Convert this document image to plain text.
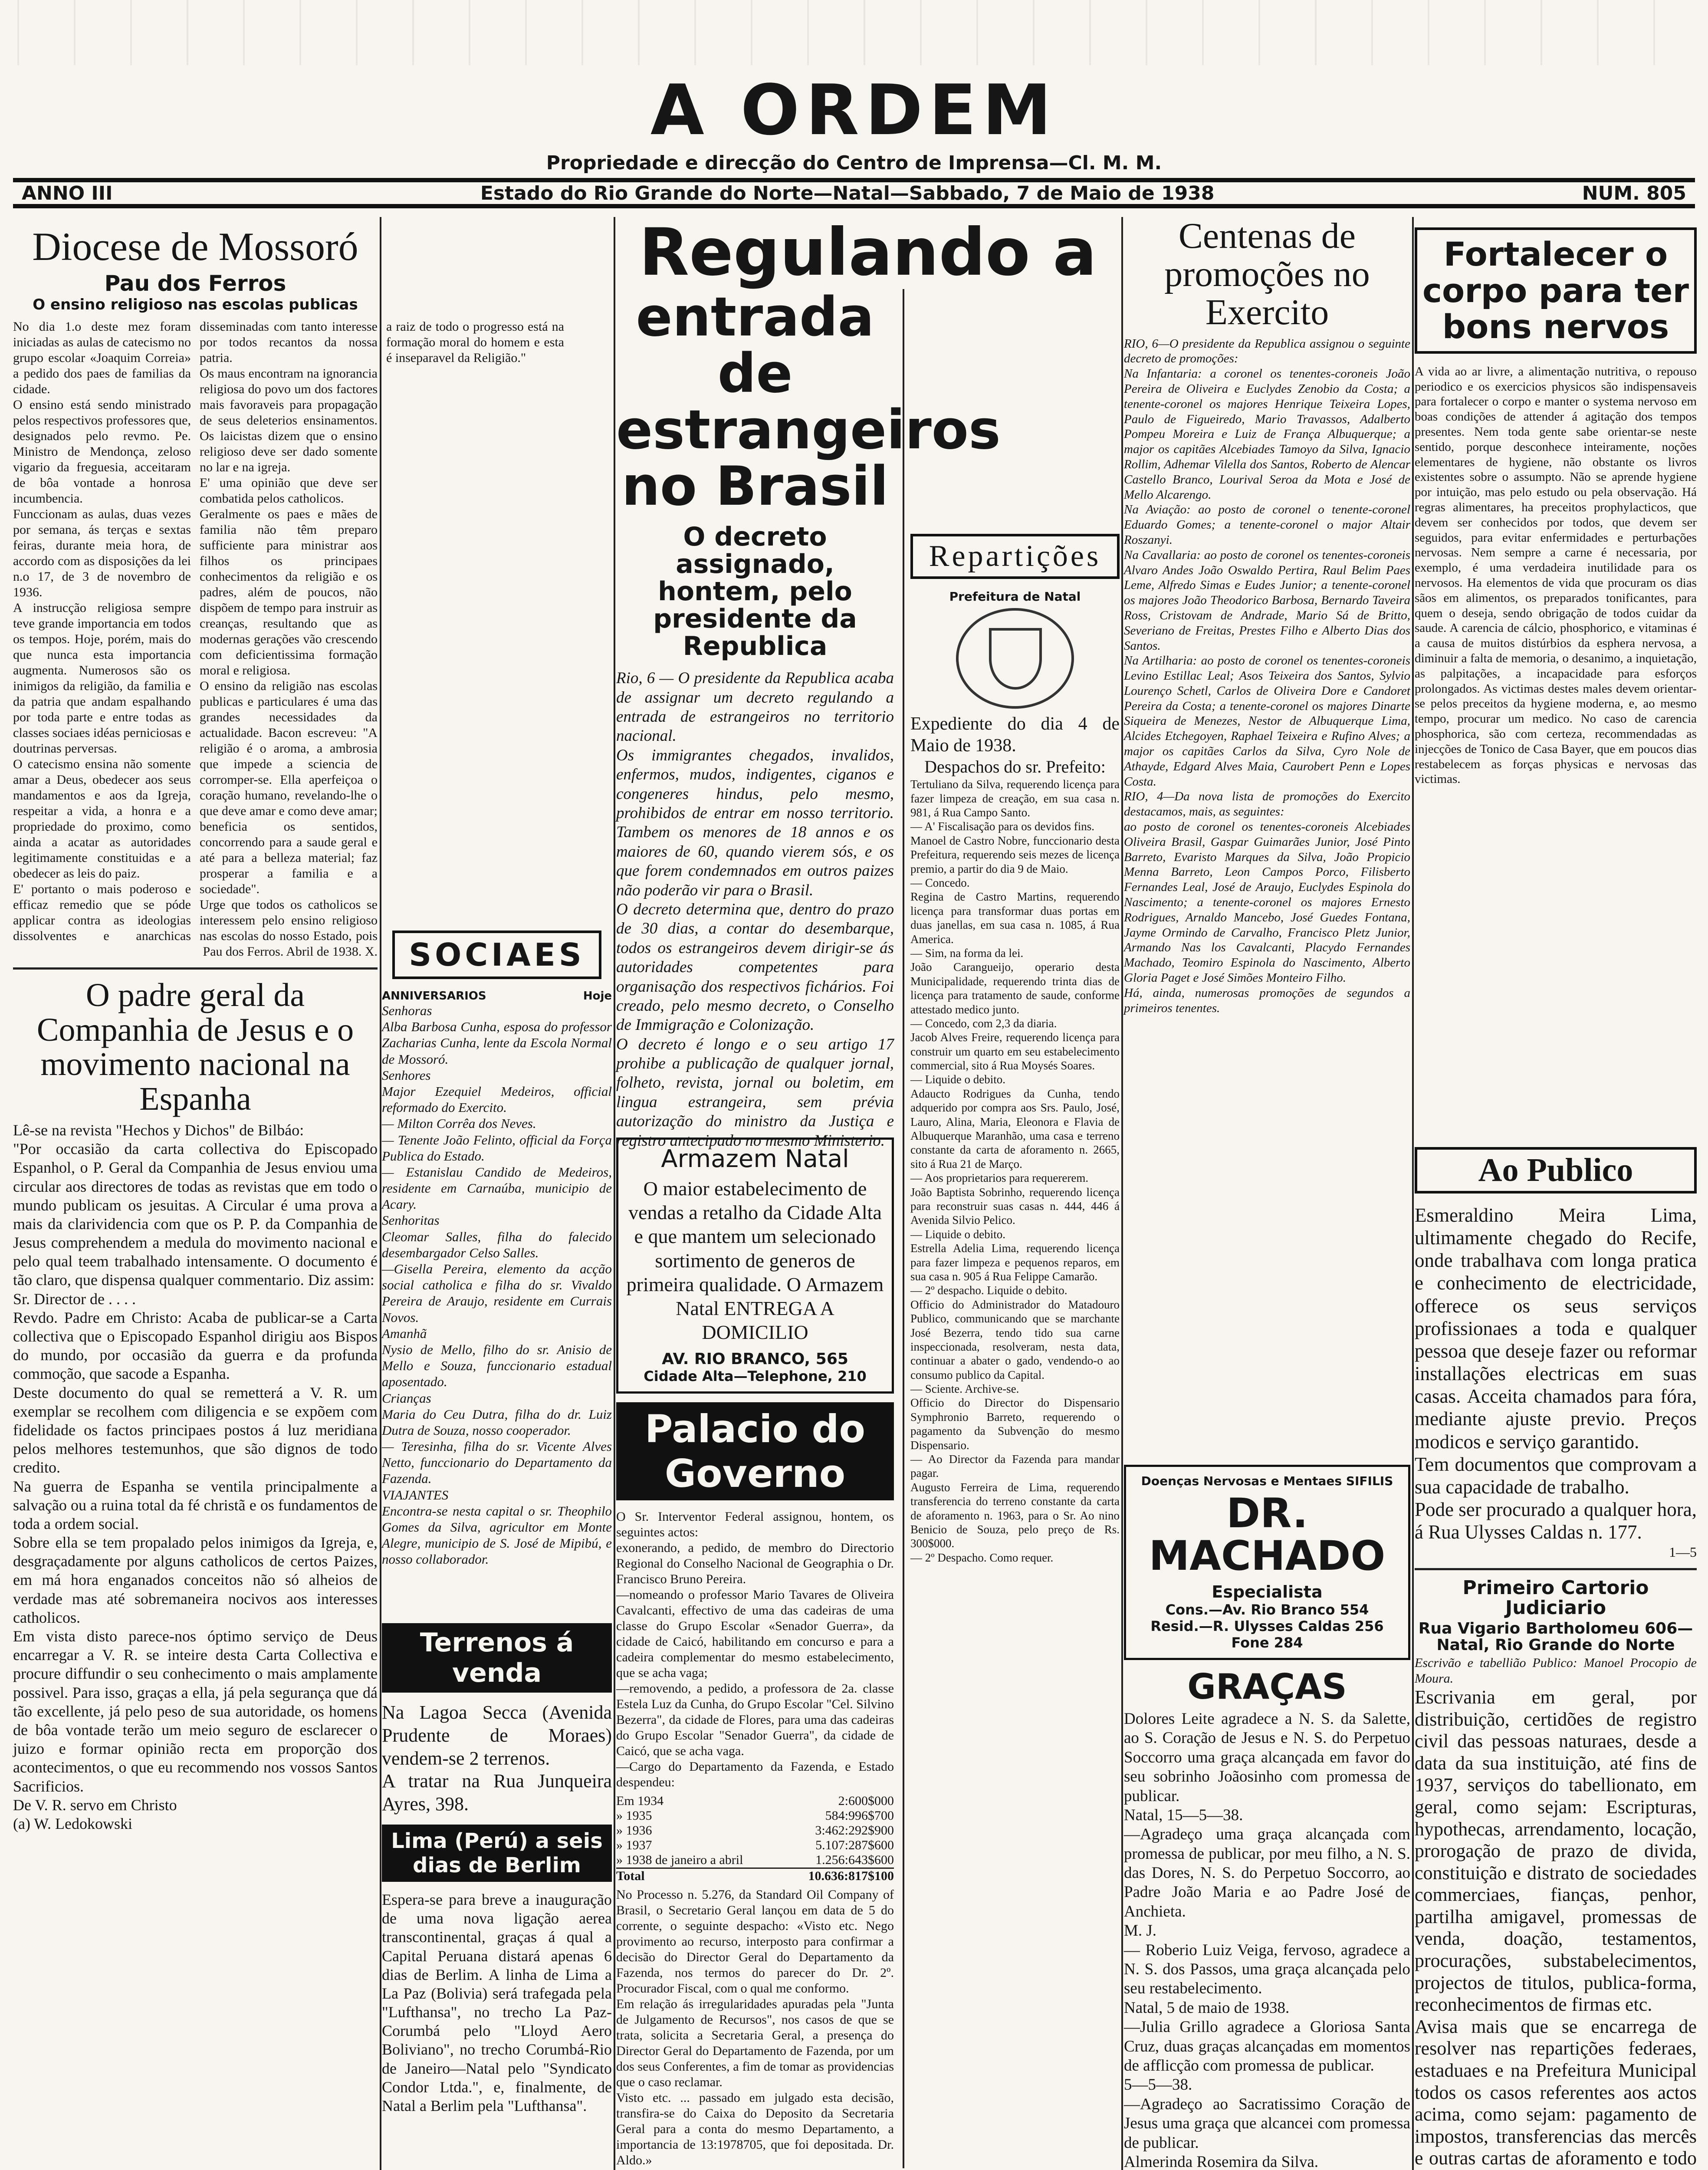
A ORDEM
Propriedade e direcção do Centro de Imprensa—Cl. M. M.
ANNO III	Estado do Rio Grande do Norte—Natal—Sabbado, 7 de Maio de 1938	NUM. 805
Diocese de Mossoró
Pau dos Ferros
O ensino religioso nas escolas publicas

No dia 1.o deste mez foram iniciadas as aulas de catecismo no grupo escolar «Joaquim Correia» a pedido dos paes de familias da cidade.
O ensino está sendo ministrado pelos respectivos professores que, designados pelo revmo. Pe. Ministro de Mendonça, zeloso vigario da freguesia, acceitaram de bôa vontade a honrosa incumbencia.
Funccionam as aulas, duas vezes por semana, ás terças e sextas feiras, durante meia hora, de accordo com as disposições da lei n.o 17, de 3 de novembro de 1936.
A instrucção religiosa sempre teve grande importancia em todos os tempos. Hoje, porém, mais do que nunca esta importancia augmenta. Numerosos são os inimigos da religião, da familia e da patria que andam espalhando por toda parte e entre todas as classes sociaes idéas perniciosas e doutrinas perversas.
O catecismo ensina não somente amar a Deus, obedecer aos seus mandamentos e aos da Igreja, respeitar a vida, a honra e a propriedade do proximo, como ainda a acatar as autoridades legitimamente constituidas e a obedecer as leis do paiz.
E' portanto o mais poderoso e efficaz remedio que se póde applicar contra as ideologias dissolventes e anarchicas disseminadas com tanto interesse por todos recantos da nossa patria.
Os maus encontram na ignorancia religiosa do povo um dos factores mais favoraveis para propagação de seus deleterios ensinamentos. Os laicistas dizem que o ensino religioso deve ser dado somente no lar e na igreja.
E' uma opinião que deve ser combatida pelos catholicos.
Geralmente os paes e mães de familia não têm preparo sufficiente para ministrar aos filhos os principaes conhecimentos da religião e os padres, além de poucos, não dispõem de tempo para instruir as creanças, resultando que as modernas gerações vão crescendo com deficientissima formação moral e religiosa.
O ensino da religião nas escolas publicas e particulares é uma das grandes necessidades da actualidade. Bacon escreveu: "A religião é o aroma, a ambrosia que impede a sciencia de corromper-se. Ella aperfeiçoa o coração humano, revelando-lhe o que deve amar e como deve amar; beneficia os sentidos, concorrendo para a saude geral e até para a belleza material; faz prosperar a familia e a sociedade".
Urge que todos os catholicos se interessem pelo ensino religioso nas escolas do nosso Estado, pois a raiz de todo o progresso está na formação moral do homem e esta é inseparavel da Religião."

Pau dos Ferros. Abril de 1938. X.

O padre geral da Companhia de Jesus e o movimento nacional na Espanha

Lê-se na revista "Hechos y Dichos" de Bilbáo:
"Por occasião da carta collectiva do Episcopado Espanhol, o P. Geral da Companhia de Jesus enviou uma circular aos directores de todas as revistas que em todo o mundo publicam os jesuitas. A Circular é uma prova a mais da clarividencia com que os P. P. da Companhia de Jesus comprehendem a medula do movimento nacional e pelo qual teem trabalhado intensamente. O documento é tão claro, que dispensa qualquer commentario. Diz assim:
Sr. Director de . . . .
Revdo. Padre em Christo: Acaba de publicar-se a Carta collectiva que o Episcopado Espanhol dirigiu aos Bispos do mundo, por occasião da guerra e da profunda commoção, que sacode a Espanha.
Deste documento do qual se remetterá a V. R. um exemplar se recolhem com diligencia e se expõem com fidelidade os factos principaes postos á luz meridiana pelos melhores testemunhos, que são dignos de todo credito.
Na guerra de Espanha se ventila principalmente a salvação ou a ruina total da fé christã e os fundamentos de toda a ordem social.
Sobre ella se tem propalado pelos inimigos da Igreja, e, desgraçadamente por alguns catholicos de certos Paizes, em má hora enganados conceitos não só alheios de verdade mas até sobremaneira nocivos aos interesses catholicos.
Em vista disto parece-nos óptimo serviço de Deus encarregar a V. R. se inteire desta Carta Collectiva e procure diffundir o seu conhecimento o mais amplamente possivel. Para isso, graças a ella, já pela segurança que dá tão excellente, já pelo peso de sua autoridade, os homens de bôa vontade terão um meio seguro de esclarecer o juizo e formar opinião recta em proporção dos acontecimentos, o que eu recommendo nos vossos Santos Sacrificios.
De V. R. servo em Christo
(a) W. Ledokowski

SOCIAES
ANNIVERSARIOS	Hoje

Senhoras
Alba Barbosa Cunha, esposa do professor Zacharias Cunha, lente da Escola Normal de Mossoró.
Senhores
Major Ezequiel Medeiros, official reformado do Exercito.
— Milton Corrêa dos Neves.
— Tenente João Felinto, official da Força Publica do Estado.
— Estanislau Candido de Medeiros, residente em Carnaúba, municipio de Acary.
Senhoritas
Cleomar Salles, filha do falecido desembargador Celso Salles.
—Gisella Pereira, elemento da acção social catholica e filha do sr. Vivaldo Pereira de Araujo, residente em Currais Novos.
Amanhã
Nysio de Mello, filho do sr. Anisio de Mello e Souza, funccionario estadual aposentado.
Crianças
Maria do Ceu Dutra, filha do dr. Luiz Dutra de Souza, nosso cooperador.
— Teresinha, filha do sr. Vicente Alves Netto, funccionario do Departamento da Fazenda.
VIAJANTES
Encontra-se nesta capital o sr. Theophilo Gomes da Silva, agricultor em Monte Alegre, municipio de S. José de Mipibú, e nosso collaborador.

Terrenos á venda

Na Lagoa Secca (Avenida Prudente de Moraes) vendem-se 2 terrenos.
A tratar na Rua Junqueira Ayres, 398.

Lima (Perú) a seis dias de Berlim

Espera-se para breve a inauguração de uma nova ligação aerea transcontinental, graças á qual a Capital Peruana distará apenas 6 dias de Berlim. A linha de Lima a La Paz (Bolivia) será trafegada pela "Lufthansa", no trecho La Paz-Corumbá pelo "Lloyd Aero Boliviano", no trecho Corumbá-Rio de Janeiro—Natal pelo "Syndicato Condor Ltda.", e, finalmente, de Natal a Berlim pela "Lufthansa".

Regulando a
entrada de estrangeiros no Brasil
O decreto assignado, hontem, pelo presidente da Republica

Rio, 6 — O presidente da Republica acaba de assignar um decreto regulando a entrada de estrangeiros no territorio nacional.
Os immigrantes chegados, invalidos, enfermos, mudos, indigentes, ciganos e congeneres hindus, pelo mesmo, prohibidos de entrar em nosso territorio. Tambem os menores de 18 annos e os maiores de 60, quando vierem sós, e os que forem condemnados em outros paizes não poderão vir para o Brasil.
O decreto determina que, dentro do prazo de 30 dias, a contar do desembarque, todos os estrangeiros devem dirigir-se ás autoridades competentes para organisação dos respectivos fichários. Foi creado, pelo mesmo decreto, o Conselho de Immigração e Colonização.
O decreto é longo e o seu artigo 17 prohibe a publicação de qualquer jornal, folheto, revista, jornal ou boletim, em lingua estrangeira, sem prévia autorização do ministro da Justiça e registro antecipado no mesmo Ministerio.

Armazem Natal

O maior estabelecimento de vendas a retalho da Cidade Alta e que mantem um selecionado sortimento de generos de primeira qualidade. O Armazem Natal ENTREGA A DOMICILIO

AV. RIO BRANCO, 565
Cidade Alta—Telephone, 210
Palacio do Governo

O Sr. Interventor Federal assignou, hontem, os seguintes actos:
exonerando, a pedido, de membro do Directorio Regional do Conselho Nacional de Geographia o Dr. Francisco Bruno Pereira.
—nomeando o professor Mario Tavares de Oliveira Cavalcanti, effectivo de uma das cadeiras de uma classe do Grupo Escolar «Senador Guerra», da cidade de Caicó, habilitando em concurso e para a cadeira complementar do mesmo estabelecimento, que se acha vaga;
—removendo, a pedido, a professora de 2a. classe Estela Luz da Cunha, do Grupo Escolar "Cel. Silvino Bezerra", da cidade de Flores, para uma das cadeiras do Grupo Escolar "Senador Guerra", da cidade de Caicó, que se acha vaga.
—Cargo do Departamento da Fazenda, e Estado despendeu:

Em 1934	2:600$000
» 1935	584:996$700
» 1936	3:462:292$900
» 1937	5.107:287$600
» 1938 de janeiro a abril	1.256:643$600
Total	10.636:817$100

No Processo n. 5.276, da Standard Oil Company of Brasil, o Secretario Geral lançou em data de 5 do corrente, o seguinte despacho: «Visto etc. Nego provimento ao recurso, interposto para confirmar a decisão do Director Geral do Departamento da Fazenda, nos termos do parecer do Dr. 2º. Procurador Fiscal, com o qual me conformo.
Em relação ás irregularidades apuradas pela "Junta de Julgamento de Recursos", nos casos de que se trata, solicita a Secretaria Geral, a presença do Director Geral do Departamento de Fazenda, por um dos seus Conferentes, a fim de tomar as providencias que o caso reclamar.
Visto etc. ... passado em julgado esta decisão, transfira-se do Caixa do Deposito da Secretaria Geral para a conta do mesmo Departamento, a importancia de 13:1978705, que foi depositada. Dr. Aldo.»

Repartições
Prefeitura de Natal

Expediente do dia 4 de Maio de 1938.

Despachos do sr. Prefeito:

Tertuliano da Silva, requerendo licença para fazer limpeza de creação, em sua casa n. 981, á Rua Campo Santo.
— A' Fiscalisação para os devidos fins.
Manoel de Castro Nobre, funccionario desta Prefeitura, requerendo seis mezes de licença premio, a partir do dia 9 de Maio.
— Concedo.
Regina de Castro Martins, requerendo licença para transformar duas portas em duas janellas, em sua casa n. 1085, á Rua America.
— Sim, na forma da lei.
João Carangueijo, operario desta Municipalidade, requerendo trinta dias de licença para tratamento de saude, conforme attestado medico junto.
— Concedo, com 2,3 da diaria.
Jacob Alves Freire, requerendo licença para construir um quarto em seu estabelecimento commercial, sito á Rua Moysés Soares.
— Liquide o debito.
Adaucto Rodrigues da Cunha, tendo adquerido por compra aos Srs. Paulo, José, Lauro, Alina, Maria, Eleonora e Flavia de Albuquerque Maranhão, uma casa e terreno constante da carta de aforamento n. 2665, sito á Rua 21 de Março.
— Aos proprietarios para requererem.
João Baptista Sobrinho, requerendo licença para reconstruir suas casas n. 444, 446 á Avenida Silvio Pelico.
— Liquide o debito.
Estrella Adelia Lima, requerendo licença para fazer limpeza e pequenos reparos, em sua casa n. 905 á Rua Felippe Camarão.
— 2º despacho. Liquide o debito.
Officio do Administrador do Matadouro Publico, communicando que se marchante José Bezerra, tendo tido sua carne inspeccionada, resolveram, nesta data, continuar a abater o gado, vendendo-o ao consumo publico da Capital.
— Sciente. Archive-se.
Officio do Director do Dispensario Symphronio Barreto, requerendo o pagamento da Subvenção do mesmo Dispensario.
— Ao Director da Fazenda para mandar pagar.
Augusto Ferreira de Lima, requerendo transferencia do terreno constante da carta de aforamento n. 1963, para o Sr. Ao nino Benicio de Souza, pelo preço de Rs. 300$000.
— 2º Despacho. Como requer.

Centenas de promoções no Exercito

RIO, 6—O presidente da Republica assignou o seguinte decreto de promoções:
Na Infantaria: a coronel os tenentes-coroneis João Pereira de Oliveira e Euclydes Zenobio da Costa; a tenente-coronel os majores Henrique Teixeira Lopes, Paulo de Figueiredo, Mario Travassos, Adalberto Pompeu Moreira e Luiz de França Albuquerque; a major os capitães Alcebiades Tamoyo da Silva, Ignacio Rollim, Adhemar Vilella dos Santos, Roberto de Alencar Castello Branco, Lourival Seroa da Mota e José de Mello Alcarengo.
Na Aviação: ao posto de coronel o tenente-coronel Eduardo Gomes; a tenente-coronel o major Altair Roszanyi.
Na Cavallaria: ao posto de coronel os tenentes-coroneis Alvaro Andes João Oswaldo Pertira, Raul Belim Paes Leme, Alfredo Simas e Eudes Junior; a tenente-coronel os majores João Theodorico Barbosa, Bernardo Taveira Ross, Cristovam de Andrade, Mario Sá de Britto, Severiano de Freitas, Prestes Filho e Alberto Dias dos Santos.
Na Artilharia: ao posto de coronel os tenentes-coroneis Levino Estillac Leal; Asos Teixeira dos Santos, Sylvio Lourenço Schetl, Carlos de Oliveira Dore e Candoret Pereira da Costa; a tenente-coronel os majores Dinarte Siqueira de Menezes, Nestor de Albuquerque Lima, Alcides Etchegoyen, Raphael Teixeira e Rufino Alves; a major os capitães Carlos da Silva, Cyro Nole de Athayde, Edgard Alves Maia, Caurobert Penn e Lopes Costa.
RIO, 4—Da nova lista de promoções do Exercito destacamos, mais, as seguintes:
ao posto de coronel os tenentes-coroneis Alcebiades Oliveira Brasil, Gaspar Guimarães Junior, José Pinto Barreto, Evaristo Marques da Silva, João Propicio Menna Barreto, Leon Campos Porco, Filisberto Fernandes Leal, José de Araujo, Euclydes Espinola do Nascimento; a tenente-coronel os majores Ernesto Rodrigues, Arnaldo Mancebo, José Guedes Fontana, Jayme Ormindo de Carvalho, Francisco Pletz Junior, Armando Nas los Cavalcanti, Placydo Fernandes Machado, Teomiro Espinola do Nascimento, Alberto Gloria Paget e José Simões Monteiro Filho.
Há, ainda, numerosas promoções de segundos a primeiros tenentes.

Doenças Nervosas e Mentaes SIFILIS
DR. MACHADO
Especialista
Cons.—Av. Rio Branco 554
Resid.—R. Ulysses Caldas 256
Fone 284
GRAÇAS

Dolores Leite agradece a N. S. da Salette, ao S. Coração de Jesus e N. S. do Perpetuo Soccorro uma graça alcançada em favor do seu sobrinho Joãosinho com promessa de publicar.
Natal, 15—5—38.
—Agradeço uma graça alcançada com promessa de publicar, por meu filho, a N. S. das Dores, N. S. do Perpetuo Soccorro, ao Padre João Maria e ao Padre José de Anchieta.
M. J.
— Roberio Luiz Veiga, fervoso, agradece a N. S. dos Passos, uma graça alcançada pelo seu restabelecimento.
Natal, 5 de maio de 1938.
—Julia Grillo agradece a Gloriosa Santa Cruz, duas graças alcançadas em momentos de afflicção com promessa de publicar.
5—5—38.
—Agradeço ao Sacratissimo Coração de Jesus uma graça que alcancei com promessa de publicar.
Almerinda Rosemira da Silva.

Fortalecer o corpo para ter bons nervos

A vida ao ar livre, a alimentação nutritiva, o repouso periodico e os exercicios physicos são indispensaveis para fortalecer o corpo e manter o systema nervoso em boas condições de attender á agitação dos tempos presentes. Nem toda gente sabe orientar-se neste sentido, porque desconhece inteiramente, noções elementares de hygiene, não obstante os livros existentes sobre o assumpto. Não se aprende hygiene por intuição, mas pelo estudo ou pela observação. Há regras alimentares, ha preceitos prophylacticos, que devem ser conhecidos por todos, que devem ser seguidos, para evitar enfermidades e perturbações nervosas. Nem sempre a carne é necessaria, por exemplo, é uma verdadeira inutilidade para os nervosos. Ha elementos de vida que procuram os dias sãos em alimentos, os preparados tonificantes, para quem o deseja, sendo obrigação de todos cuidar da saude. A carencia de cálcio, phosphorico, e vitaminas é a causa de muitos distúrbios da esphera nervosa, a diminuir a falta de memoria, o desanimo, a inquietação, as palpitações, a incapacidade para esforços prolongados. As victimas destes males devem orientar-se pelos preceitos da hygiene moderna, e, ao mesmo tempo, procurar um medico. No caso de carencia phosphorica, são com certeza, recommendadas as injecções de Tonico de Casa Bayer, que em poucos dias restabelecem as forças physicas e nervosas das victimas.

Ao Publico

Esmeraldino Meira Lima, ultimamente chegado do Recife, onde trabalhava com longa pratica e conhecimento de electricidade, offerece os seus serviços profissionaes a toda e qualquer pessoa que deseje fazer ou reformar installações electricas em suas casas. Acceita chamados para fóra, mediante ajuste previo. Preços modicos e serviço garantido.
Tem documentos que comprovam a sua capacidade de trabalho.
Pode ser procurado a qualquer hora, á Rua Ulysses Caldas n. 177.

1—5

Primeiro Cartorio Judiciario
Rua Vigario Bartholomeu 606—Natal, Rio Grande do Norte

Escrivão e tabellião Publico: Manoel Procopio de Moura.

Escrivania em geral, por distribuição, certidões de registro civil das pessoas naturaes, desde a data da sua instituição, até fins de 1937, serviços do tabellionato, em geral, como sejam: Escripturas, hypothecas, arrendamento, locação, prorogação de prazo de divida, constituição e distrato de sociedades commerciaes, fianças, penhor, partilha amigavel, promessas de venda, doação, testamentos, procurações, substabelecimentos, projectos de titulos, publica-forma, reconhecimentos de firmas etc.
Avisa mais que se encarrega de resolver nas repartições federaes, estaduaes e na Prefeitura Municipal todos os casos referentes aos actos acima, como sejam: pagamento de impostos, transferencias das mercês e outras cartas de aforamento e todo
